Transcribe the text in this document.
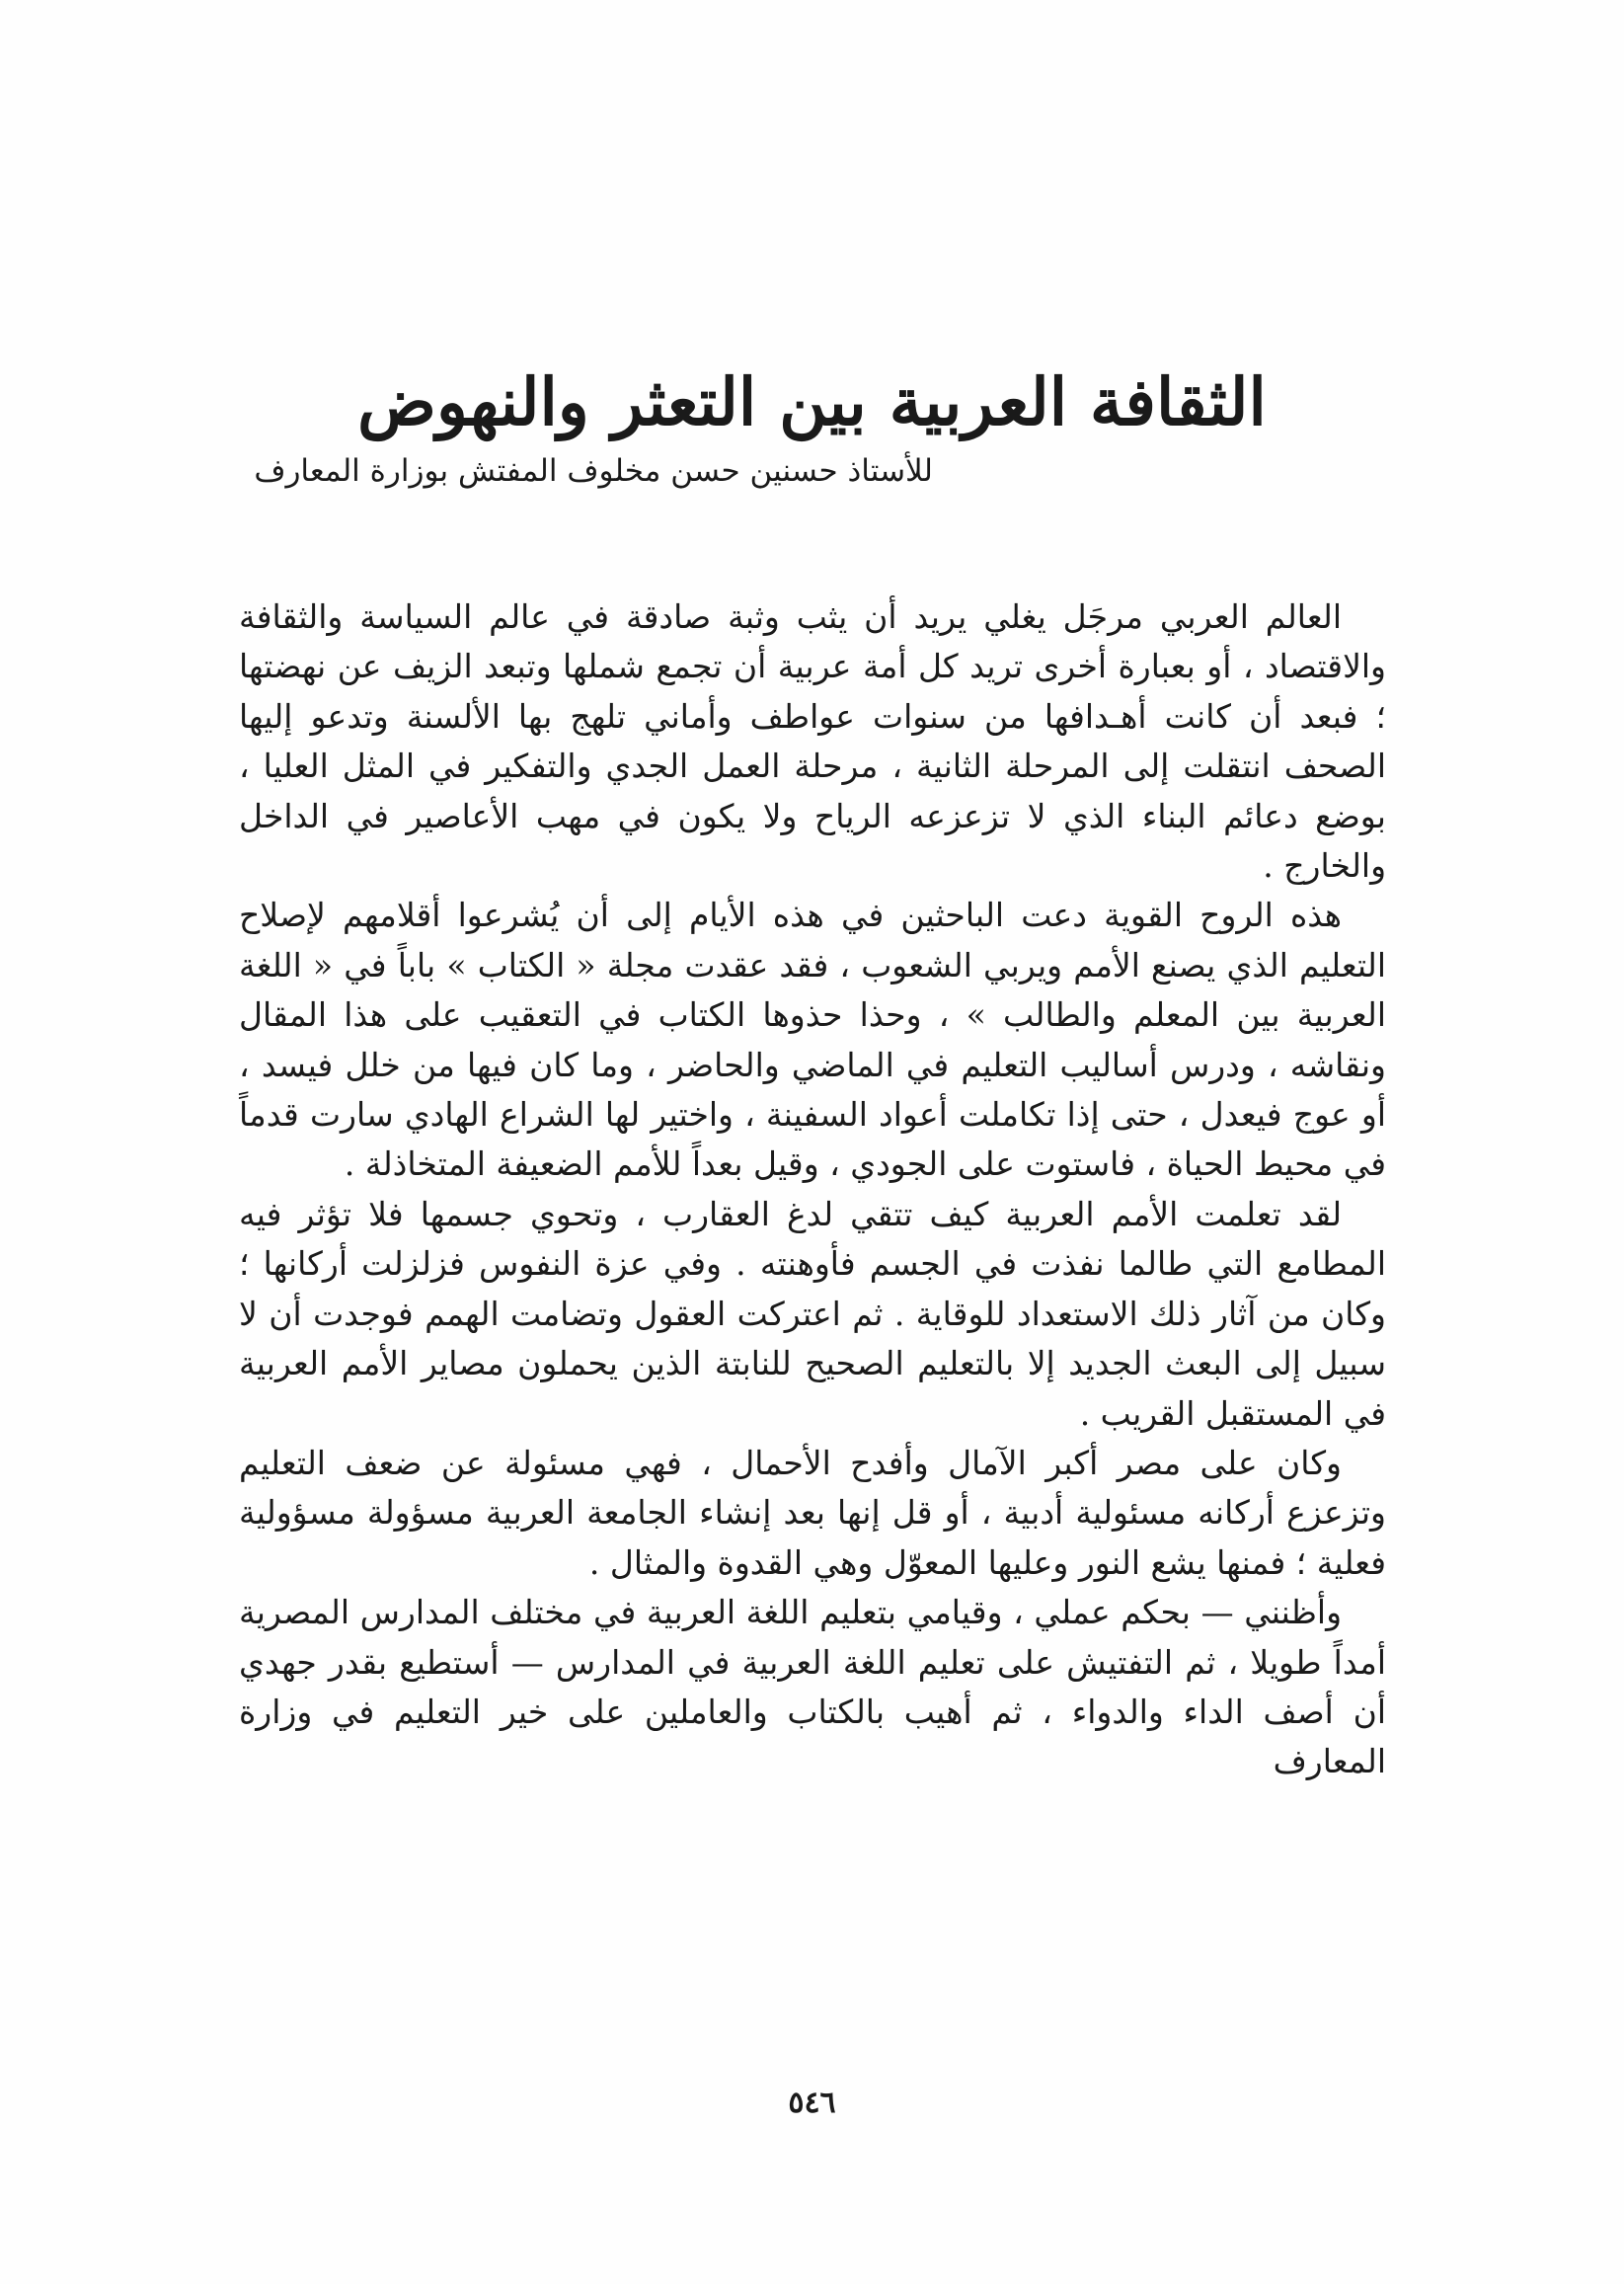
الثقافة العربية بين التعثر والنهوض
للأستاذ حسنين حسن مخلوف المفتش بوزارة المعارف

العالم العربي مرجَل يغلي يريد أن يثب وثبة صادقة في عالم السياسة والثقافة والاقتصاد ، أو بعبارة أخرى تريد كل أمة عربية أن تجمع شملها وتبعد الزيف عن نهضتها ؛ فبعد أن كانت أهـدافها من سنوات عواطف وأماني تلهج بها الألسنة وتدعو إليها الصحف انتقلت إلى المرحلة الثانية ، مرحلة العمل الجدي والتفكير في المثل العليا ، بوضع دعائم البناء الذي لا تزعزعه الرياح ولا يكون في مهب الأعاصير في الداخل والخارج .

هذه الروح القوية دعت الباحثين في هذه الأيام إلى أن يُشرعوا أقلامهم لإصلاح التعليم الذي يصنع الأمم ويربي الشعوب ، فقد عقدت مجلة « الكتاب » باباً في « اللغة العربية بين المعلم والطالب » ، وحذا حذوها الكتاب في التعقيب على هذا المقال ونقاشه ، ودرس أساليب التعليم في الماضي والحاضر ، وما كان فيها من خلل فيسد ، أو عوج فيعدل ، حتى إذا تكاملت أعواد السفينة ، واختير لها الشراع الهادي سارت قدماً في محيط الحياة ، فاستوت على الجودي ، وقيل بعداً للأمم الضعيفة المتخاذلة .

لقد تعلمت الأمم العربية كيف تتقي لدغ العقارب ، وتحوي جسمها فلا تؤثر فيه المطامع التي طالما نفذت في الجسم فأوهنته . وفي عزة النفوس فزلزلت أركانها ؛ وكان من آثار ذلك الاستعداد للوقاية . ثم اعتركت العقول وتضامت الهمم فوجدت أن لا سبيل إلى البعث الجديد إلا بالتعليم الصحيح للنابتة الذين يحملون مصاير الأمم العربية في المستقبل القريب .

وكان على مصر أكبر الآمال وأفدح الأحمال ، فهي مسئولة عن ضعف التعليم وتزعزع أركانه مسئولية أدبية ، أو قل إنها بعد إنشاء الجامعة العربية مسؤولة مسؤولية فعلية ؛ فمنها يشع النور وعليها المعوّل وهي القدوة والمثال .

وأظنني — بحكم عملي ، وقيامي بتعليم اللغة العربية في مختلف المدارس المصرية أمداً طويلا ، ثم التفتيش على تعليم اللغة العربية في المدارس — أستطيع بقدر جهدي أن أصف الداء والدواء ، ثم أهيب بالكتاب والعاملين على خير التعليم في وزارة المعارف

٥٤٦
